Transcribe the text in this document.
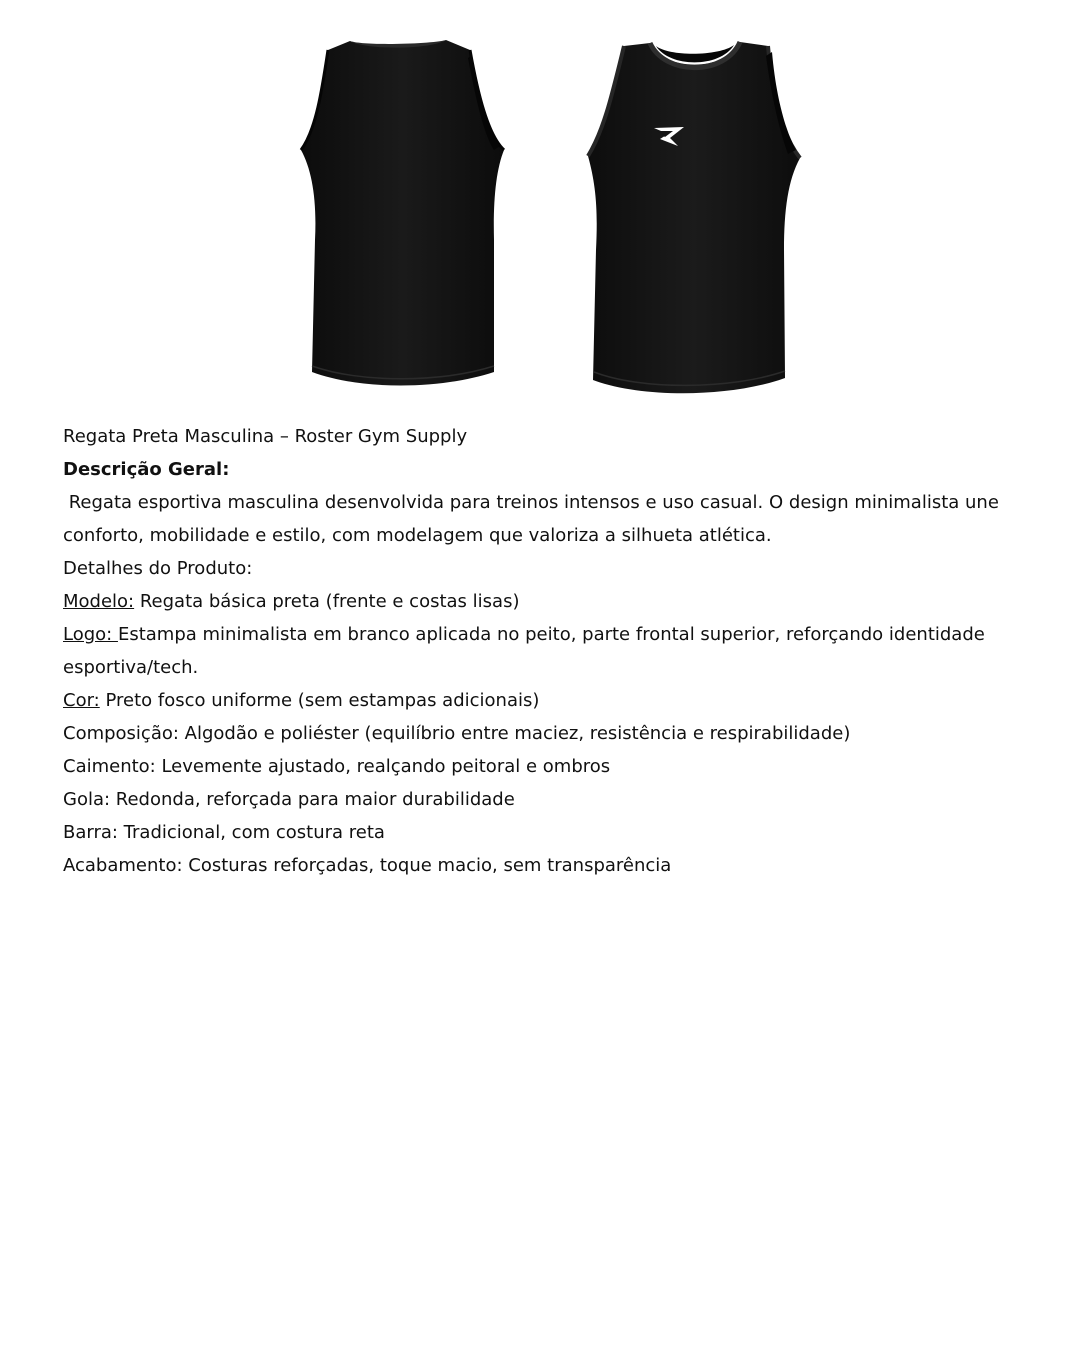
Regata Preta Masculina – Roster Gym Supply

Descrição Geral:

Regata esportiva masculina desenvolvida para treinos intensos e uso casual. O design minimalista une conforto, mobilidade e estilo, com modelagem que valoriza a silhueta atlética.

Detalhes do Produto:

Modelo: Regata básica preta (frente e costas lisas)

Logo: Estampa minimalista em branco aplicada no peito, parte frontal superior, reforçando identidade esportiva/tech.

Cor: Preto fosco uniforme (sem estampas adicionais)

Composição: Algodão e poliéster (equilíbrio entre maciez, resistência e respirabilidade)

Caimento: Levemente ajustado, realçando peitoral e ombros

Gola: Redonda, reforçada para maior durabilidade

Barra: Tradicional, com costura reta

Acabamento: Costuras reforçadas, toque macio, sem transparência
